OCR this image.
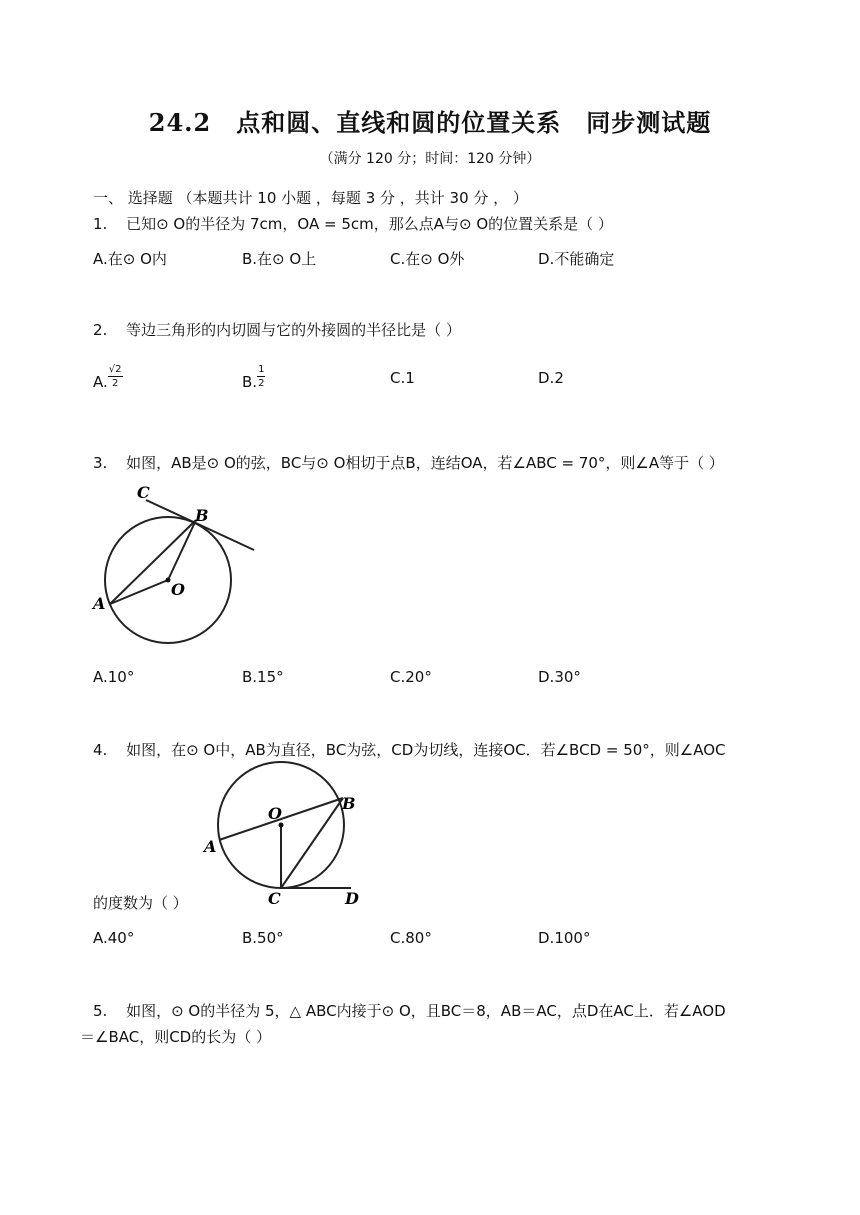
24.2　点和圆、直线和圆的位置关系　同步测试题
（满分 120 分；时间：120 分钟）
一、 选择题 （本题共计 10 小题 ，每题 3 分 ，共计 30 分 ， ）
1. 已知⊙ O的半径为 7cm，OA = 5cm，那么点A与⊙ O的位置关系是（ ）
A.在⊙ O内	B.在⊙ O上	C.在⊙ O外	D.不能确定
2. 等边三角形的内切圆与它的外接圆的半径比是（ ）
A. $\frac{√2}{2}$	B. $\frac{1}{2}$	C.1	D.2
3. 如图，AB是⊙ O的弦，BC与⊙ O相切于点B，连结OA，若∠ABC = 70°，则∠A等于（ ）
C
B
A
O
A.10°	B.15°	C.20°	D.30°
4. 如图，在⊙ O中，AB为直径，BC为弦，CD为切线，连接OC．若∠BCD = 50°，则∠AOC
O
B
A
C	D
的度数为（ ）
A.40°	B.50°	C.80°	D.100°
5. 如图，⊙ O的半径为 5，△ ABC内接于⊙ O，且BC＝8，AB＝AC，点D在AC上．若∠AOD
＝∠BAC，则CD的长为（ ）
